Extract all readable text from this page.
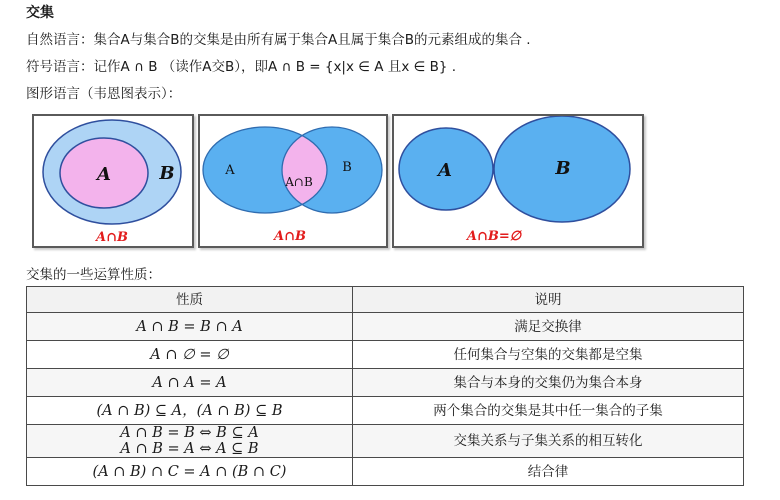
交集
自然语言：集合A与集合B的交集是由所有属于集合A且属于集合B的元素组成的集合 .
符号语言：记作A ∩ B （读作A交B），即A ∩ B = {x|x ∈ A 且x ∈ B} .
图形语言（韦恩图表示）：
A	B
A∩B
A	B
A∩B
A∩B
A	B
A∩B=∅
交集的一些运算性质：
性质	说明
A ∩ B = B ∩ A	满足交换律
A ∩ ∅ = ∅	任何集合与空集的交集都是空集
A ∩ A = A	集合与本身的交集仍为集合本身
(A ∩ B) ⊆ A，(A ∩ B) ⊆ B	两个集合的交集是其中任一集合的子集

A ∩ B = B ⇔ B ⊆ A
A ∩ B = A ⇔ A ⊆ B	交集关系与子集关系的相互转化
(A ∩ B) ∩ C = A ∩ (B ∩ C)	结合律
